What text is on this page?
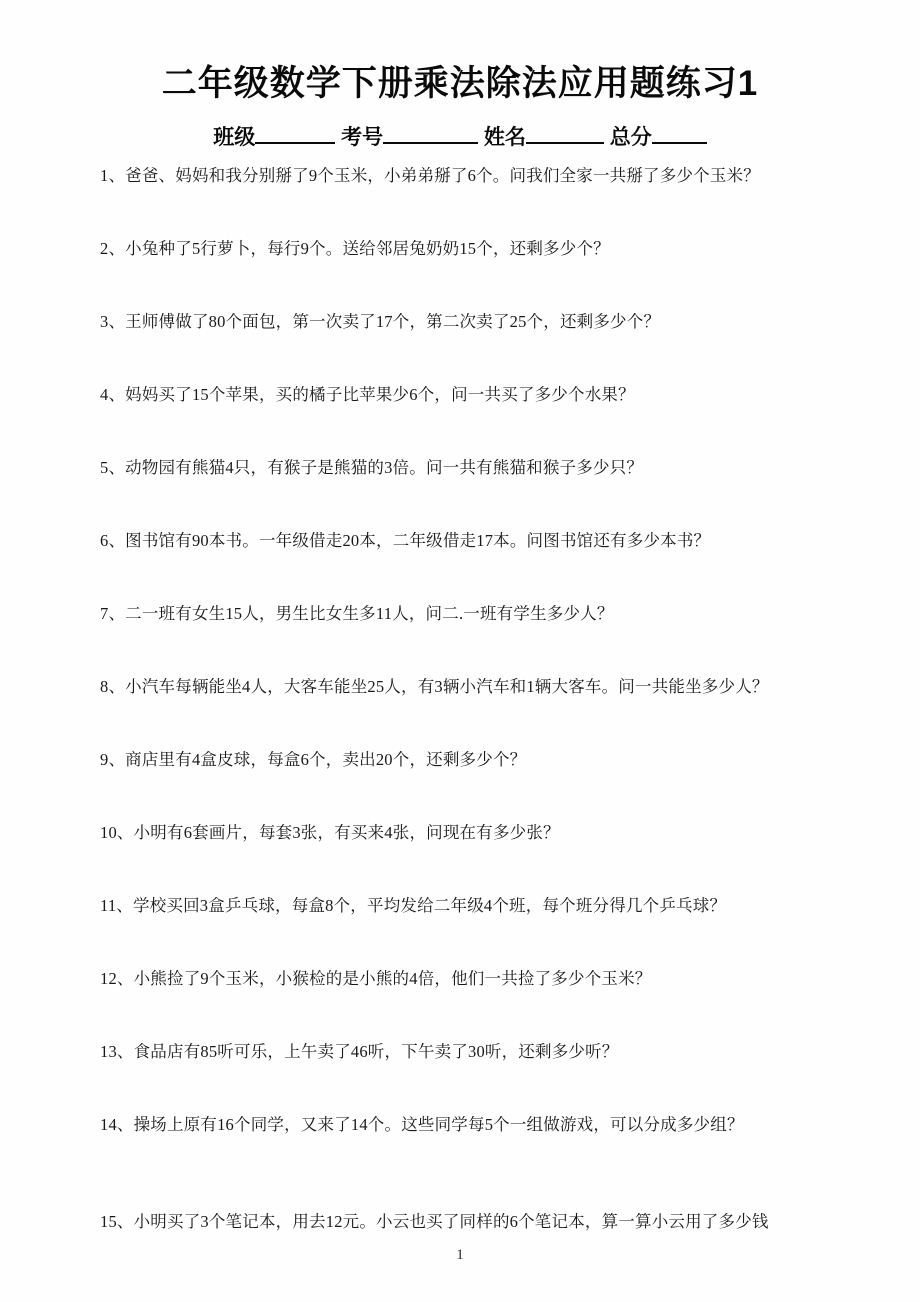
二年级数学下册乘法除法应用题练习1
班级	考号	姓名	总分

1、爸爸、妈妈和我分别掰了9个玉米，小弟弟掰了6个。问我们全家一共掰了多少个玉米？

2、小兔种了5行萝卜，每行9个。送给邻居兔奶奶15个，还剩多少个？

3、王师傅做了80个面包，第一次卖了17个，第二次卖了25个，还剩多少个？

4、妈妈买了15个苹果，买的橘子比苹果少6个，问一共买了多少个水果？

5、动物园有熊猫4只，有猴子是熊猫的3倍。问一共有熊猫和猴子多少只？

6、图书馆有90本书。一年级借走20本，二年级借走17本。问图书馆还有多少本书？

7、二一班有女生15人，男生比女生多11人，问二.一班有学生多少人？

8、小汽车每辆能坐4人，大客车能坐25人，有3辆小汽车和1辆大客车。问一共能坐多少人？

9、商店里有4盒皮球，每盒6个，卖出20个，还剩多少个？

10、小明有6套画片，每套3张，有买来4张，问现在有多少张？

11、学校买回3盒乒乓球，每盒8个，平均发给二年级4个班，每个班分得几个乒乓球？

12、小熊捡了9个玉米，小猴检的是小熊的4倍，他们一共捡了多少个玉米？

13、食品店有85听可乐，上午卖了46听，下午卖了30听，还剩多少听？

14、操场上原有16个同学，又来了14个。这些同学每5个一组做游戏，可以分成多少组？

15、小明买了3个笔记本，用去12元。小云也买了同样的6个笔记本，算一算小云用了多少钱

1
